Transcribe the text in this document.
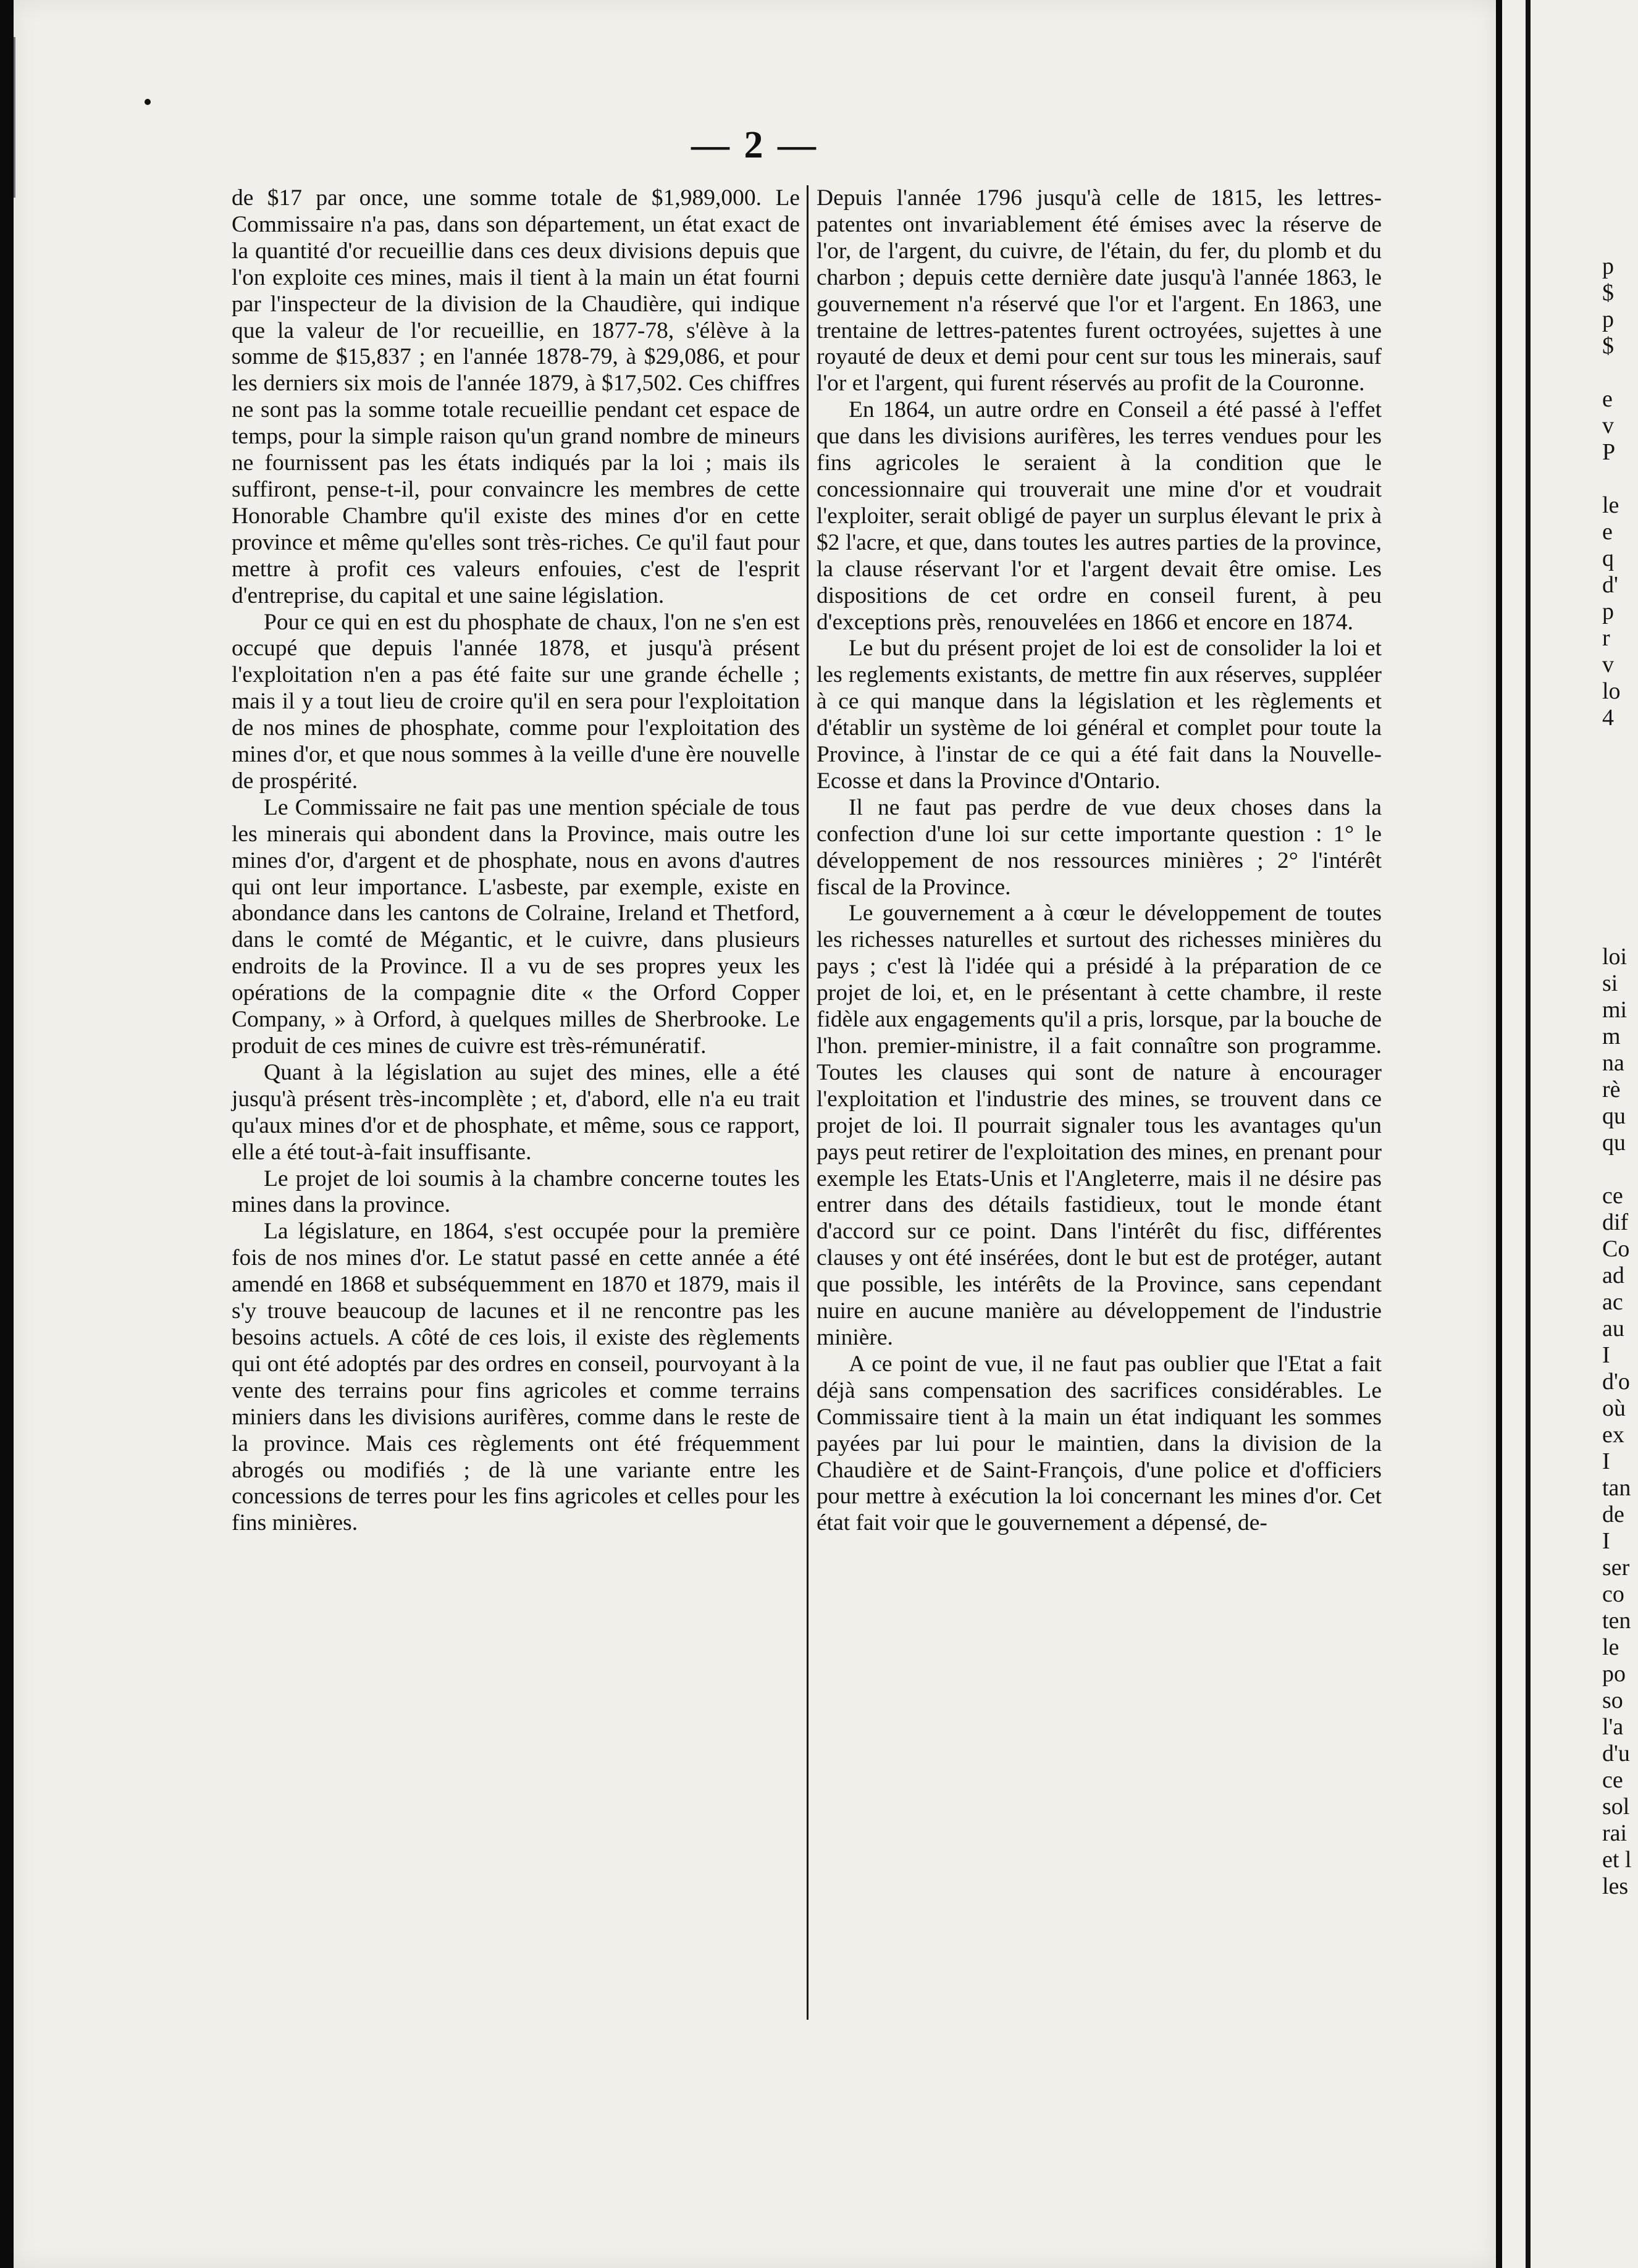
— 2 —

de $17 par once, une somme totale de $1,989,000. Le Commissaire n'a pas, dans son département, un état exact de la quantité d'or recueillie dans ces deux divisions depuis que l'on exploite ces mines, mais il tient à la main un état fourni par l'inspecteur de la division de la Chaudière, qui indique que la valeur de l'or recueillie, en 1877-78, s'élève à la somme de $15,837 ; en l'année 1878-79, à $29,086, et pour les derniers six mois de l'année 1879, à $17,502. Ces chiffres ne sont pas la somme totale recueillie pendant cet espace de temps, pour la simple raison qu'un grand nombre de mineurs ne fournissent pas les états indiqués par la loi ; mais ils suffiront, pense-t-il, pour convaincre les membres de cette Honorable Chambre qu'il existe des mines d'or en cette province et même qu'elles sont très-riches. Ce qu'il faut pour mettre à profit ces valeurs enfouies, c'est de l'esprit d'entreprise, du capital et une saine législation.

Pour ce qui en est du phosphate de chaux, l'on ne s'en est occupé que depuis l'année 1878, et jusqu'à présent l'exploitation n'en a pas été faite sur une grande échelle ; mais il y a tout lieu de croire qu'il en sera pour l'exploitation de nos mines de phosphate, comme pour l'exploitation des mines d'or, et que nous sommes à la veille d'une ère nouvelle de prospérité.

Le Commissaire ne fait pas une mention spéciale de tous les minerais qui abondent dans la Province, mais outre les mines d'or, d'argent et de phosphate, nous en avons d'autres qui ont leur importance. L'asbeste, par exemple, existe en abondance dans les cantons de Colraine, Ireland et Thetford, dans le comté de Mégantic, et le cuivre, dans plusieurs endroits de la Province. Il a vu de ses propres yeux les opérations de la compagnie dite « the Orford Copper Company, » à Orford, à quelques milles de Sherbrooke. Le produit de ces mines de cuivre est très-rémunératif.

Quant à la législation au sujet des mines, elle a été jusqu'à présent très-incomplète ; et, d'abord, elle n'a eu trait qu'aux mines d'or et de phosphate, et même, sous ce rapport, elle a été tout-à-fait insuffisante.

Le projet de loi soumis à la chambre concerne toutes les mines dans la province.

La législature, en 1864, s'est occupée pour la première fois de nos mines d'or. Le statut passé en cette année a été amendé en 1868 et subséquemment en 1870 et 1879, mais il s'y trouve beaucoup de lacunes et il ne rencontre pas les besoins actuels. A côté de ces lois, il existe des règlements qui ont été adoptés par des ordres en conseil, pourvoyant à la vente des terrains pour fins agricoles et comme terrains miniers dans les divisions aurifères, comme dans le reste de la province. Mais ces règlements ont été fréquemment abrogés ou modifiés ; de là une variante entre les concessions de terres pour les fins agricoles et celles pour les fins minières.

Depuis l'année 1796 jusqu'à celle de 1815, les lettres-patentes ont invariablement été émises avec la réserve de l'or, de l'argent, du cuivre, de l'étain, du fer, du plomb et du charbon ; depuis cette dernière date jusqu'à l'année 1863, le gouvernement n'a réservé que l'or et l'argent. En 1863, une trentaine de lettres-patentes furent octroyées, sujettes à une royauté de deux et demi pour cent sur tous les minerais, sauf l'or et l'argent, qui furent réservés au profit de la Couronne.

En 1864, un autre ordre en Conseil a été passé à l'effet que dans les divisions aurifères, les terres vendues pour les fins agricoles le seraient à la condition que le concessionnaire qui trouverait une mine d'or et voudrait l'exploiter, serait obligé de payer un surplus élevant le prix à $2 l'acre, et que, dans toutes les autres parties de la province, la clause réservant l'or et l'argent devait être omise. Les dispositions de cet ordre en conseil furent, à peu d'exceptions près, renouvelées en 1866 et encore en 1874.

Le but du présent projet de loi est de consolider la loi et les reglements existants, de mettre fin aux réserves, suppléer à ce qui manque dans la législation et les règlements et d'établir un système de loi général et complet pour toute la Province, à l'instar de ce qui a été fait dans la Nouvelle-Ecosse et dans la Province d'Ontario.

Il ne faut pas perdre de vue deux choses dans la confection d'une loi sur cette importante question : 1° le développement de nos ressources minières ; 2° l'intérêt fiscal de la Province.

Le gouvernement a à cœur le développement de toutes les richesses naturelles et surtout des richesses minières du pays ; c'est là l'idée qui a présidé à la préparation de ce projet de loi, et, en le présentant à cette chambre, il reste fidèle aux engagements qu'il a pris, lorsque, par la bouche de l'hon. premier-ministre, il a fait connaître son programme. Toutes les clauses qui sont de nature à encourager l'exploitation et l'industrie des mines, se trouvent dans ce projet de loi. Il pourrait signaler tous les avantages qu'un pays peut retirer de l'exploitation des mines, en prenant pour exemple les Etats-Unis et l'Angleterre, mais il ne désire pas entrer dans des détails fastidieux, tout le monde étant d'accord sur ce point. Dans l'intérêt du fisc, différentes clauses y ont été insérées, dont le but est de protéger, autant que possible, les intérêts de la Province, sans cependant nuire en aucune manière au développement de l'industrie minière.

A ce point de vue, il ne faut pas oublier que l'Etat a fait déjà sans compensation des sacrifices considérables. Le Commissaire tient à la main un état indiquant les sommes payées par lui pour le maintien, dans la division de la Chaudière et de Saint-François, d'une police et d'officiers pour mettre à exécution la loi concernant les mines d'or. Cet état fait voir que le gouvernement a dépensé, de-

p
$
p
$
e
v
P
le
e
q
d'
p
r
v
lo
4
loi
si
mi
m
na
rè
qu
qu
ce
dif
Co
ad
ac
au
I
d'o
où
ex
I
tan
de
I
ser
co
ten
le
po
so
l'a
d'u
ce
sol
rai
et l
les
